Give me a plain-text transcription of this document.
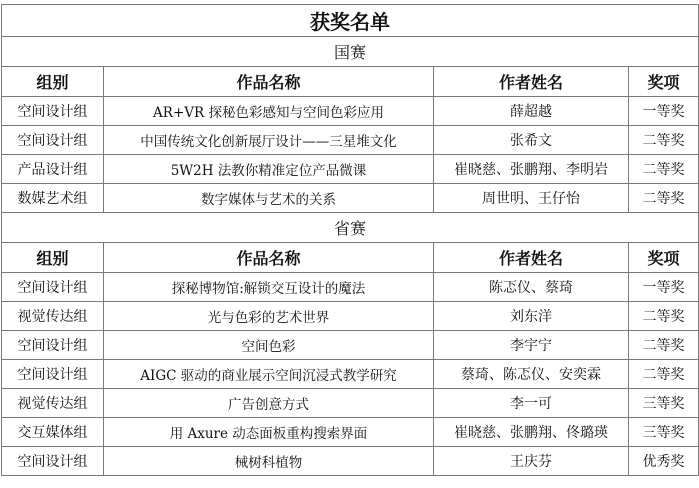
获奖名单			
国赛			
组别	作品名称	作者姓名	奖项
空间设计组	AR+VR 探秘色彩感知与空间色彩应用	薛超越	一等奖
空间设计组	中国传统文化创新展厅设计——三星堆文化	张希文	二等奖
产品设计组	5W2H 法教你精准定位产品微课	崔晓慈、张鹏翔、李明岩	二等奖
数媒艺术组	数字媒体与艺术的关系	周世明、王仔怡	二等奖
省赛			
组别	作品名称	作者姓名	奖项
空间设计组	探秘博物馆:解锁交互设计的魔法	陈忑仪、蔡琦	一等奖
视觉传达组	光与色彩的艺术世界	刘东洋	二等奖
空间设计组	空间色彩	李宇宁	二等奖
空间设计组	AIGC 驱动的商业展示空间沉浸式教学研究	蔡琦、陈忑仪、安奕霖	二等奖
视觉传达组	广告创意方式	李一可	三等奖
交互媒体组	用 Axure 动态面板重构搜索界面	崔晓慈、张鹏翔、佟璐瑛	三等奖
空间设计组	械树科植物	王庆芬	优秀奖
